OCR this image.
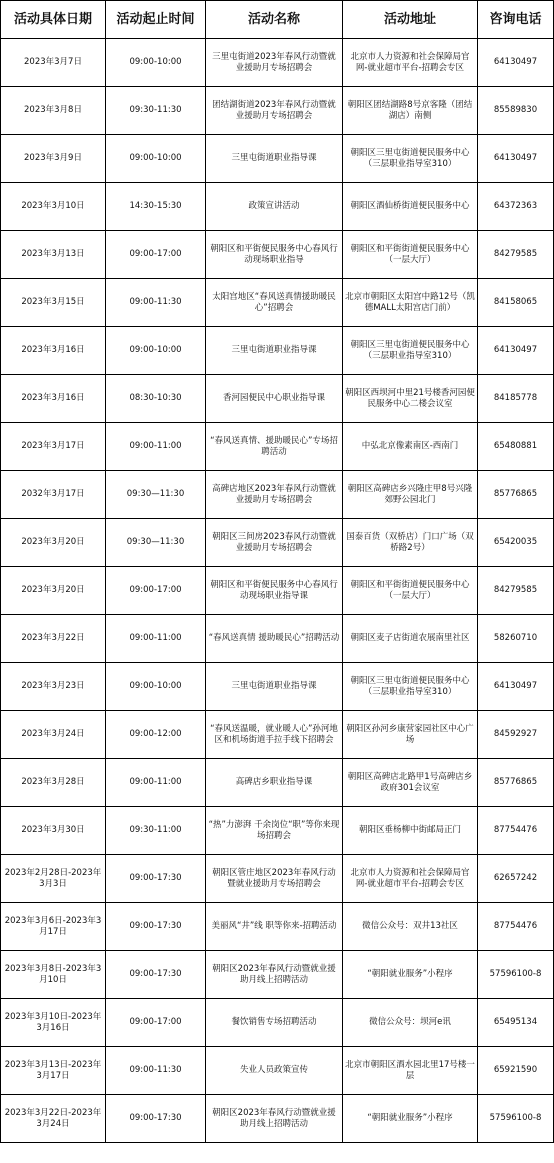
活动具体日期	活动起止时间	活动名称	活动地址	咨询电话
2023年3月7日	09:00-10:00	三里屯街道2023年春风行动暨就业援助月专场招聘会	北京市人力资源和社会保障局官网-就业超市平台-招聘会专区	64130497
2023年3月8日	09:30-11:30	团结湖街道2023年春风行动暨就业援助月专场招聘会	朝阳区团结湖路8号京客隆（团结湖店）南侧	85589830
2023年3月9日	09:00-10:00	三里屯街道职业指导课	朝阳区三里屯街道便民服务中心（三层职业指导室310）	64130497
2023年3月10日	14:30-15:30	政策宣讲活动	朝阳区酒仙桥街道便民服务中心	64372363
2023年3月13日	09:00-17:00	朝阳区和平街便民服务中心春风行动现场职业指导	朝阳区和平街街道便民服务中心（一层大厅）	84279585
2023年3月15日	09:00-11:30	太阳宫地区“春风送真情援助暖民心”招聘会	北京市朝阳区太阳宫中路12号（凯德MALL太阳宫店门前）	84158065
2023年3月16日	09:00-10:00	三里屯街道职业指导课	朝阳区三里屯街道便民服务中心（三层职业指导室310）	64130497
2023年3月16日	08:30-10:30	香河园便民中心职业指导课	朝阳区西坝河中里21号楼香河园便民服务中心二楼会议室	84185778
2023年3月17日	09:00-11:00	“春风送真情、援助暖民心”专场招聘活动	中弘北京像素南区-西南门	65480881
2032年3月17日	09:30—11:30	高碑店地区2023年春风行动暨就业援助月专场招聘会	朝阳区高碑店乡兴隆庄甲8号兴隆郊野公园北门	85776865
2023年3月20日	09:30—11:30	朝阳区三间房2023春风行动暨就业援助月专场招聘会	国泰百货（双桥店）门口广场（双桥路2号）	65420035
2023年3月20日	09:00-17:00	朝阳区和平街便民服务中心春风行动现场职业指导课	朝阳区和平街街道便民服务中心（一层大厅）	84279585
2023年3月22日	09:00-11:00	“春风送真情 援助暖民心”招聘活动	朝阳区麦子店街道农展南里社区	58260710
2023年3月23日	09:00-10:00	三里屯街道职业指导课	朝阳区三里屯街道便民服务中心（三层职业指导室310）	64130497
2023年3月24日	09:00-12:00	“春风送温暖，就业暖人心”孙河地区和机场街道手拉手线下招聘会	朝阳区孙河乡康营家园社区中心广场	84592927
2023年3月28日	09:00-11:00	高碑店乡职业指导课	朝阳区高碑店北路甲1号高碑店乡政府301会议室	85776865
2023年3月30日	09:30-11:00	“热”力澎湃 千余岗位“职”等你来现场招聘会	朝阳区垂杨柳中街邮局正门	87754476
2023年2月28日-2023年3月3日	09:00-17:30	朝阳区管庄地区2023年春风行动暨就业援助月专场招聘会	北京市人力资源和社会保障局官网-就业超市平台-招聘会专区	62657242
2023年3月6日-2023年3月17日	09:00-17:30	美丽风“井”线 职等你来-招聘活动	微信公众号：双井13社区	87754476
2023年3月8日-2023年3月10日	09:00-17:30	朝阳区2023年春风行动暨就业援助月线上招聘活动	“朝阳就业服务”小程序	57596100-8
2023年3月10日-2023年3月16日	09:00-17:00	餐饮销售专场招聘活动	微信公众号：坝河e讯	65495134
2023年3月13日-2023年3月17日	09:00-11:30	失业人员政策宣传	北京市朝阳区酒水园北里17号楼一层	65921590
2023年3月22日-2023年3月24日	09:00-17:30	朝阳区2023年春风行动暨就业援助月线上招聘活动	“朝阳就业服务”小程序	57596100-8
